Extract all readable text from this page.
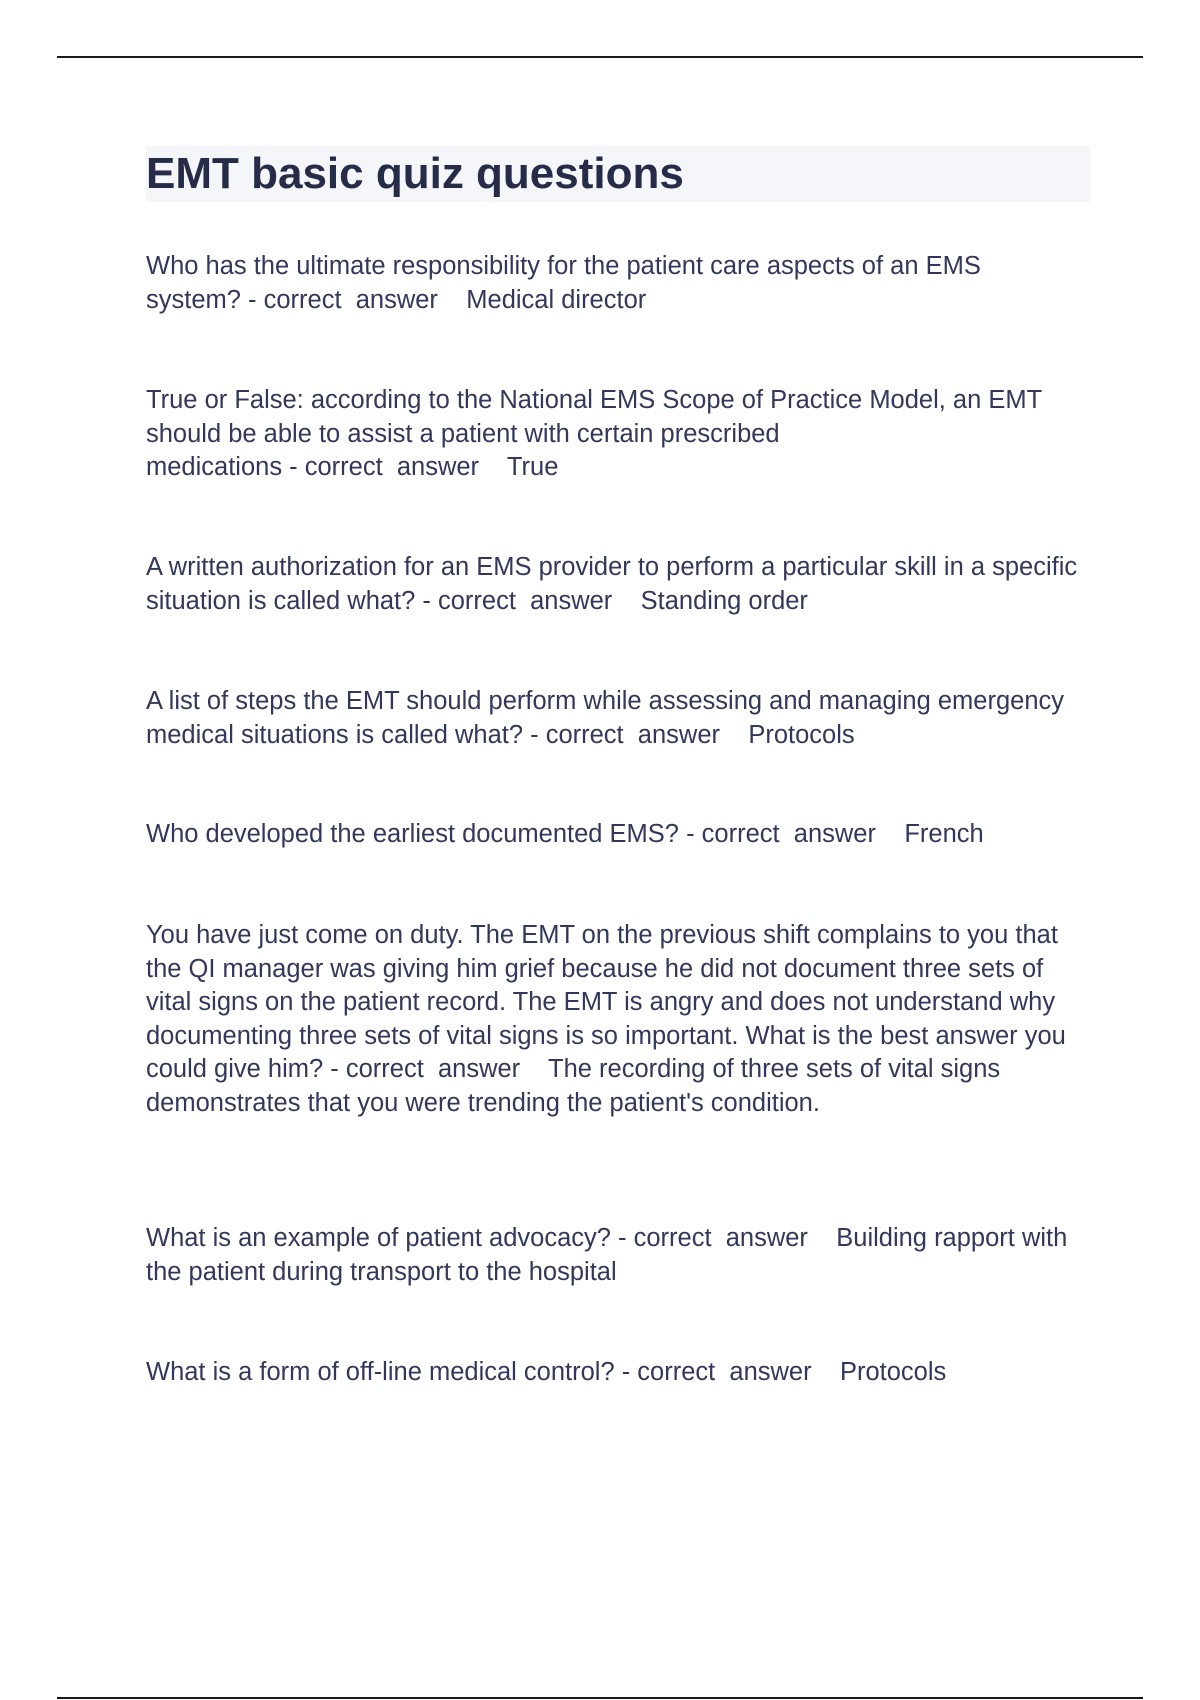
EMT basic quiz questions

Who has the ultimate responsibility for the patient care aspects of an EMS system? - correct  answer    Medical director

True or False: according to the National EMS Scope of Practice Model, an EMT should be able to assist a patient with certain prescribed medications - correct  answer    True

A written authorization for an EMS provider to perform a particular skill in a specific situation is called what? - correct  answer    Standing order

A list of steps the EMT should perform while assessing and managing emergency medical situations is called what? - correct  answer    Protocols

Who developed the earliest documented EMS? - correct  answer    French

You have just come on duty. The EMT on the previous shift complains to you that the QI manager was giving him grief because he did not document three sets of vital signs on the patient record. The EMT is angry and does not understand why documenting three sets of vital signs is so important. What is the best answer you could give him? - correct  answer    The recording of three sets of vital signs demonstrates that you were trending the patient's condition.

What is an example of patient advocacy? - correct  answer    Building rapport with the patient during transport to the hospital

What is a form of off-line medical control? - correct  answer    Protocols
